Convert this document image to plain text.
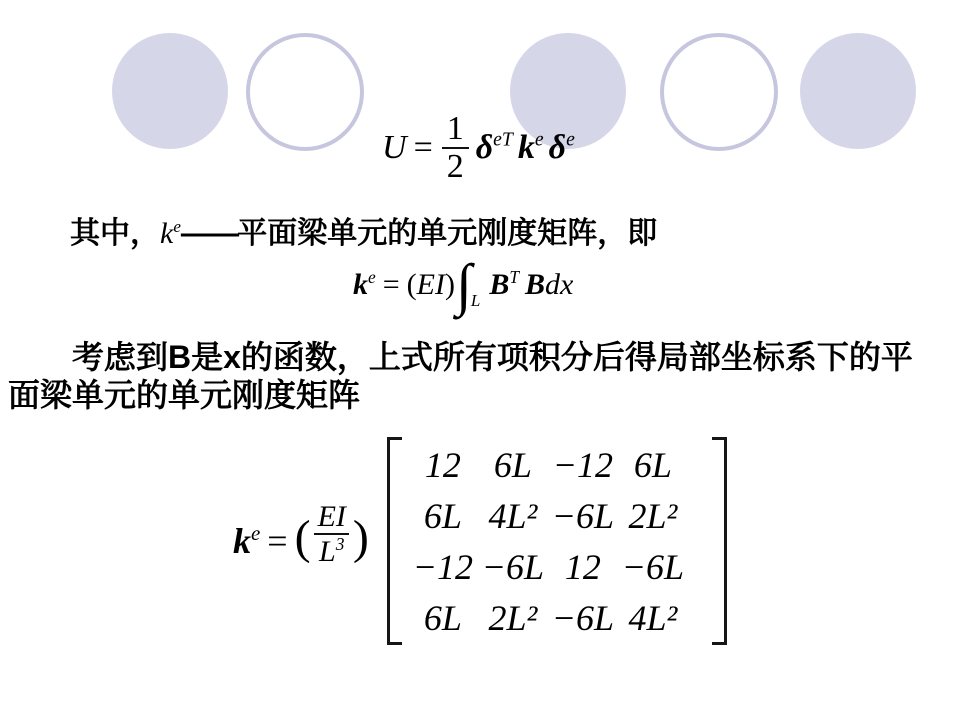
$U = \frac{1}{2} \delta^{eT}$ $k^e$ $\delta^e$
其中，$k^e——$平面梁单元的单元刚度矩阵，即
$k^e$ = ( EI ) ∫ L $B^T$ B dx
　　考虑到B是x的函数，上式所有项积分后得局部坐标系下的平
面梁单元的单元刚度矩阵
$k^e$ = ( $\frac{EI}{L^3}$ )
12 6L −12 6L
6L 4L² −6L 2L²
−12 −6L 12 −6L
6L 2L² −6L 4L²
